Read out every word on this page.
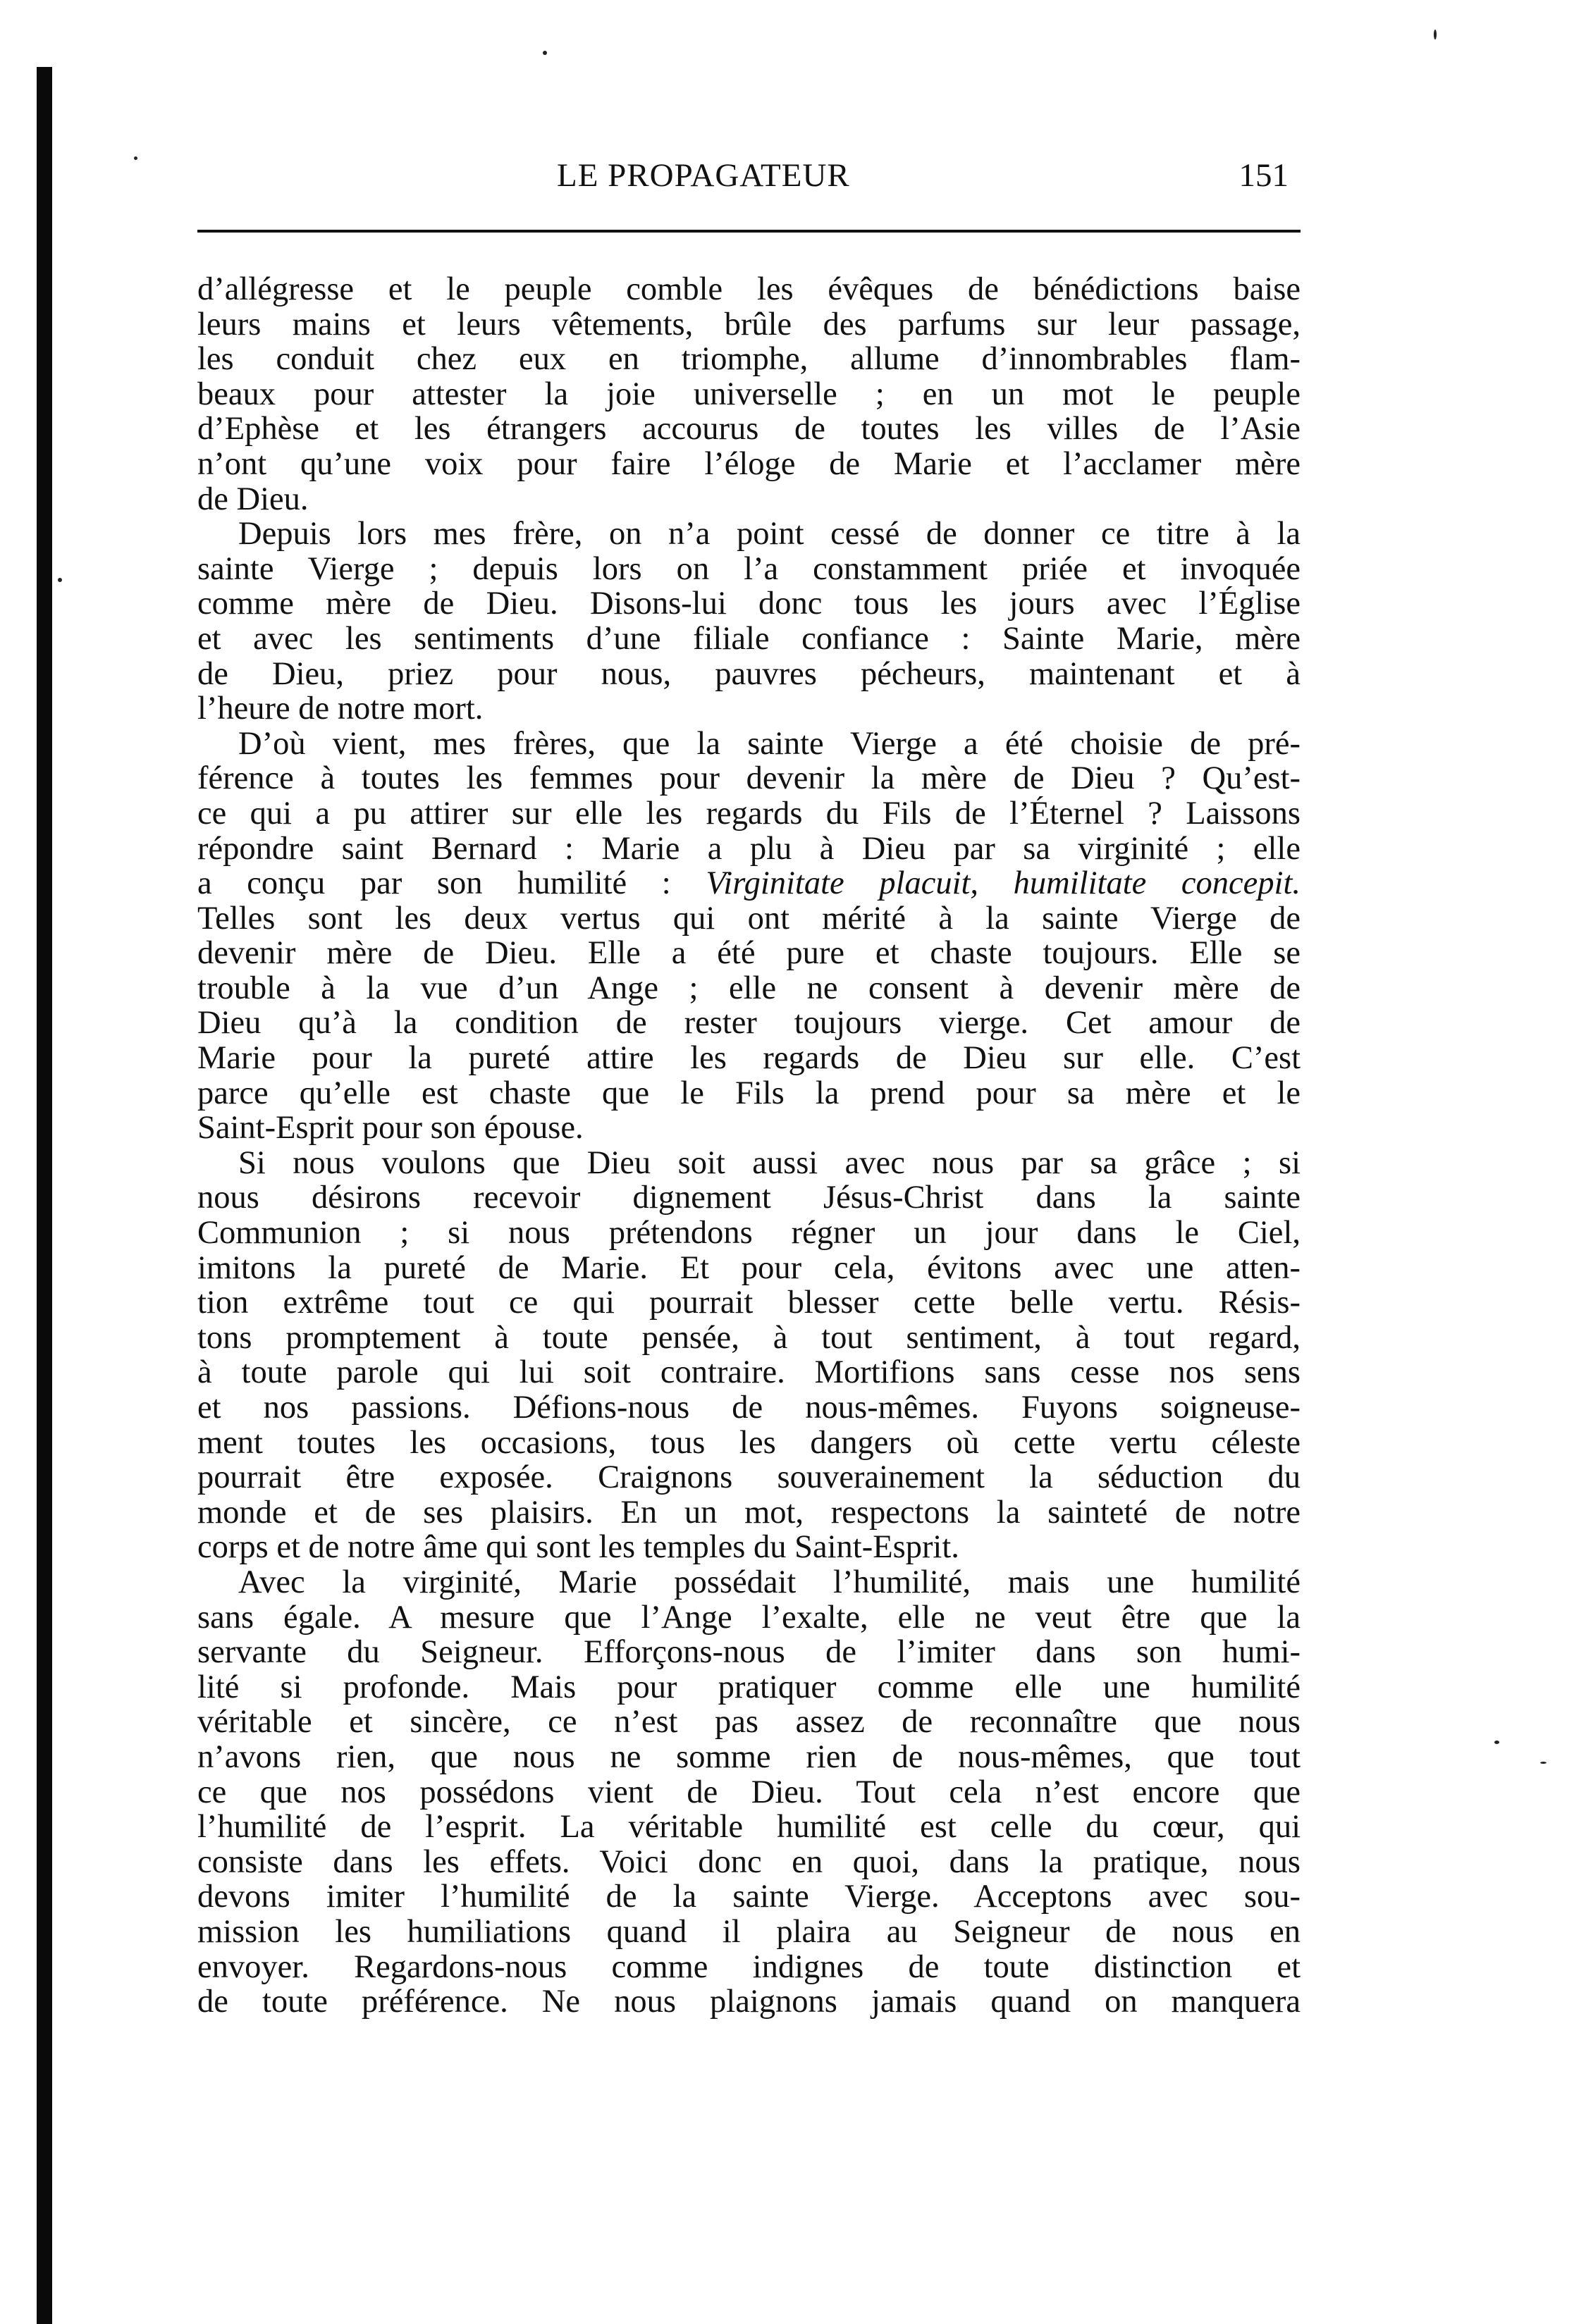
LE PROPAGATEUR	151
d’allégresse et le peuple comble les évêques de bénédictions baise
leurs mains et leurs vêtements, brûle des parfums sur leur passage,
les conduit chez eux en triomphe, allume d’innombrables flam-
beaux pour attester la joie universelle ; en un mot le peuple
d’Ephèse et les étrangers accourus de toutes les villes de l’Asie
n’ont qu’une voix pour faire l’éloge de Marie et l’acclamer mère
de Dieu.
Depuis lors mes frère, on n’a point cessé de donner ce titre à la
sainte Vierge ; depuis lors on l’a constamment priée et invoquée
comme mère de Dieu. Disons-lui donc tous les jours avec l’Église
et avec les sentiments d’une filiale confiance : Sainte Marie, mère
de Dieu, priez pour nous, pauvres pécheurs, maintenant et à
l’heure de notre mort.
D’où vient, mes frères, que la sainte Vierge a été choisie de pré-
férence à toutes les femmes pour devenir la mère de Dieu ? Qu’est-
ce qui a pu attirer sur elle les regards du Fils de l’Éternel ? Laissons
répondre saint Bernard : Marie a plu à Dieu par sa virginité ; elle
a conçu par son humilité : Virginitate placuit, humilitate concepit.
Telles sont les deux vertus qui ont mérité à la sainte Vierge de
devenir mère de Dieu. Elle a été pure et chaste toujours. Elle se
trouble à la vue d’un Ange ; elle ne consent à devenir mère de
Dieu qu’à la condition de rester toujours vierge. Cet amour de
Marie pour la pureté attire les regards de Dieu sur elle. C’est
parce qu’elle est chaste que le Fils la prend pour sa mère et le
Saint-Esprit pour son épouse.
Si nous voulons que Dieu soit aussi avec nous par sa grâce ; si
nous désirons recevoir dignement Jésus-Christ dans la sainte
Communion ; si nous prétendons régner un jour dans le Ciel,
imitons la pureté de Marie. Et pour cela, évitons avec une atten-
tion extrême tout ce qui pourrait blesser cette belle vertu. Résis-
tons promptement à toute pensée, à tout sentiment, à tout regard,
à toute parole qui lui soit contraire. Mortifions sans cesse nos sens
et nos passions. Défions-nous de nous-mêmes. Fuyons soigneuse-
ment toutes les occasions, tous les dangers où cette vertu céleste
pourrait être exposée. Craignons souverainement la séduction du
monde et de ses plaisirs. En un mot, respectons la sainteté de notre
corps et de notre âme qui sont les temples du Saint-Esprit.
Avec la virginité, Marie possédait l’humilité, mais une humilité
sans égale. A mesure que l’Ange l’exalte, elle ne veut être que la
servante du Seigneur. Efforçons-nous de l’imiter dans son humi-
lité si profonde. Mais pour pratiquer comme elle une humilité
véritable et sincère, ce n’est pas assez de reconnaître que nous
n’avons rien, que nous ne somme rien de nous-mêmes, que tout
ce que nos possédons vient de Dieu. Tout cela n’est encore que
l’humilité de l’esprit. La véritable humilité est celle du cœur, qui
consiste dans les effets. Voici donc en quoi, dans la pratique, nous
devons imiter l’humilité de la sainte Vierge. Acceptons avec sou-
mission les humiliations quand il plaira au Seigneur de nous en
envoyer. Regardons-nous comme indignes de toute distinction et
de toute préférence. Ne nous plaignons jamais quand on manquera
